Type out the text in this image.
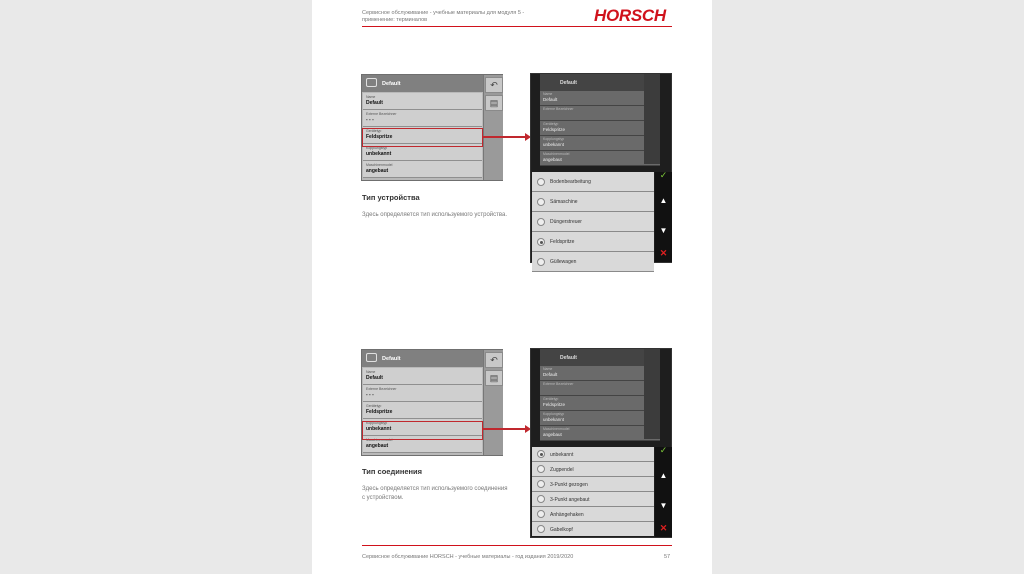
Сервисное обслуживание - учебные материалы для модуля 5 -
применение: терминалов	HORSCH
Default	↶
▤
Name
Default
Externe Bezeichner
- - -
Gerätetyp
Feldspritze
Kopplungstyp
unbekannt
Maschinenmodel
angebaut
Default
Name
Default
Externe Bezeichner
Gerätetyp
Feldspritze
Kopplungstyp
unbekannt
Maschinenmodel
angebaut
Bodenbearbeitung
Sämaschine
Düngerstreuer
Feldspritze
Güllewagen
▲
▼
✓
✕
Тип устройства
Здесь определяется тип используемого устройства.
Default	↶
▤
Name
Default
Externe Bezeichner
- - -
Gerätetyp
Feldspritze
Kopplungstyp
unbekannt
Maschinenmodel
angebaut
Default
Name
Default
Externe Bezeichner
Gerätetyp
Feldspritze
Kopplungstyp
unbekannt
Maschinenmodel
angebaut
unbekannt
Zugpendel
3-Punkt gezogen
3-Punkt angebaut
Anhängehaken
Gabelkopf
▲
▼
✓
✕
Тип соединения
Здесь определяется тип используемого соединения с устройством.
Сервисное обслуживание HORSCH - учебные материалы - год издания 2019/2020	57
